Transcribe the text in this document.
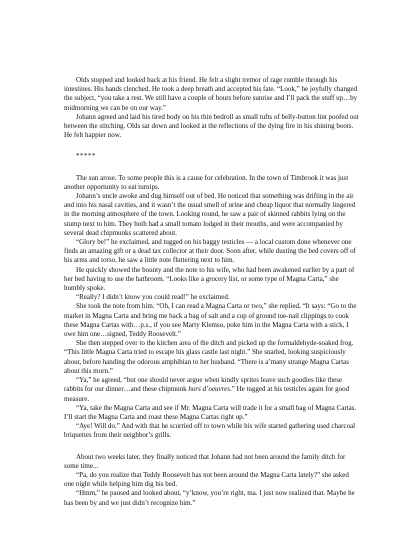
Olds stopped and looked back at his friend. He felt a slight tremor of rage rumble through his intestines. His hands clenched. He took a deep breath and accepted his fate. “Look,” he joyfully changed the subject, “you take a rest. We still have a couple of hours before sunrise and I’ll pack the stuff up…by midmorning we can be on our way.”

Johann agreed and laid his tired body on his thin bedroll as small tufts of belly-button lint poofed out between the stitching. Olds sat down and looked at the reflections of the dying fire in his shining boots. He felt happier now.

*****

The sun arose. To some people this is a cause for celebration. In the town of Timbrook it was just another opportunity to eat turnips.

Johann’s uncle awoke and dug himself out of bed. He noticed that something was drifting in the air and into his nasal cavities, and it wasn’t the usual smell of urine and cheap liquor that normally lingered in the morning atmosphere of the town. Looking round, he saw a pair of skinned rabbits lying on the stump next to him. They both had a small tomato lodged in their mouths, and were accompanied by several dead chipmunks scattered about.

“Glory be!” he exclaimed, and tugged on his baggy testicles — a local custom done whenever one finds an amazing gift or a dead tax collector at their door. Soon after, while dusting the bed covers off of his arms and torso, he saw a little note fluttering next to him.

He quickly showed the bounty and the note to his wife, who had been awakened earlier by a part of her bed having to use the bathroom. “Looks like a grocery list, or some type of Magna Carta,” she humbly spoke.

“Really? I didn’t know you could read!” he exclaimed.

She took the note from him. “Oh, I can read a Magna Carta or two,” she replied, “It says: “Go to the market in Magna Carta and bring me back a bag of salt and a cup of ground toe-nail clippings to cook these Magna Cartas with…p.s., if you see Marty Klemso, poke him in the Magna Carta with a stick, I owe him one…signed, Teddy Roosevelt.”

She then stepped over to the kitchen area of the ditch and picked up the formaldehyde-soaked frog. “This little Magna Carta tried to escape his glass castle last night.” She snarled, looking suspiciously about, before handing the odorous amphibian to her husband. “There is a’many strange Magna Cartas about this morn.”

“Ya,” he agreed, “but one should never argue when kindly sprites leave such goodies like these rabbits for our dinner…and these chipmunk hors d’oeuvres.” He tugged at his testicles again for good measure.

“Ya, take the Magna Carta and see if Mr. Magna Carta will trade it for a small bag of Magna Cartas. I’ll start the Magna Carta and roast these Magna Cartas right up.”

“Aye! Will do.” And with that he scurried off to town while his wife started gathering used charcoal briquettes from their neighbor’s grills.

About two weeks later, they finally noticed that Johann had not been around the family ditch for some time...

“Pa, do you realize that Teddy Roosevelt has not been around the Magna Carta lately?” she asked one night while helping him dig his bed.

“Hmm,” he paused and looked about, “y’know, you’re right, ma. I just now realized that. Maybe he has been by and we just didn’t recognize him.”
